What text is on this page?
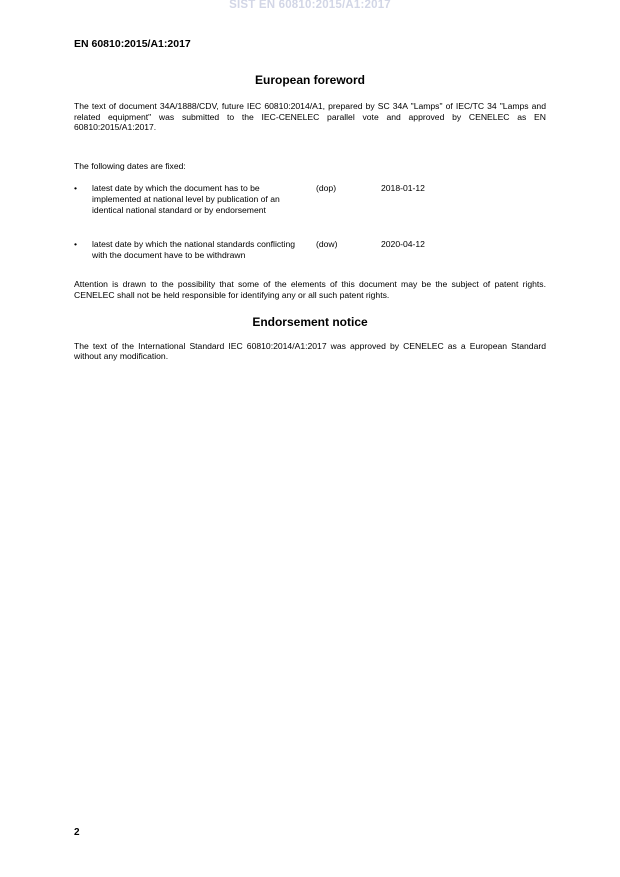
SIST EN 60810:2015/A1:2017
EN 60810:2015/A1:2017
European foreword

The text of document 34A/1888/CDV, future IEC 60810:2014/A1, prepared by SC 34A "Lamps" of IEC/TC 34 "Lamps and related equipment" was submitted to the IEC-CENELEC parallel vote and approved by CENELEC as EN 60810:2015/A1:2017.

The following dates are fixed:

• latest date by which the document has to be implemented at national level by publication of an identical national standard or by endorsement
(dop)	2018-01-12
• latest date by which the national standards conflicting with the document have to be withdrawn
(dow)	2020-04-12

Attention is drawn to the possibility that some of the elements of this document may be the subject of patent rights. CENELEC shall not be held responsible for identifying any or all such patent rights.

Endorsement notice

The text of the International Standard IEC 60810:2014/A1:2017 was approved by CENELEC as a European Standard without any modification.

2
